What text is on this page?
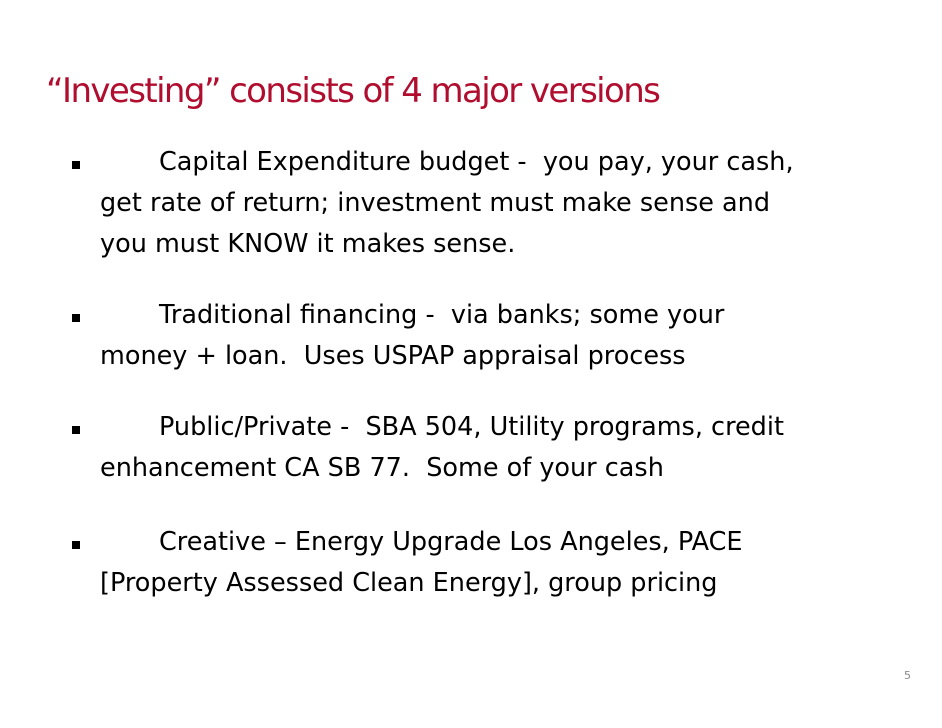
“Investing” consists of 4 major versions
Capital Expenditure budget -  you pay, your cash,
get rate of return; investment must make sense and
you must KNOW it makes sense.
Traditional financing -  via banks; some your
money + loan.  Uses USPAP appraisal process
Public/Private -  SBA 504, Utility programs, credit
enhancement CA SB 77.  Some of your cash
Creative – Energy Upgrade Los Angeles, PACE
[Property Assessed Clean Energy], group pricing
5
